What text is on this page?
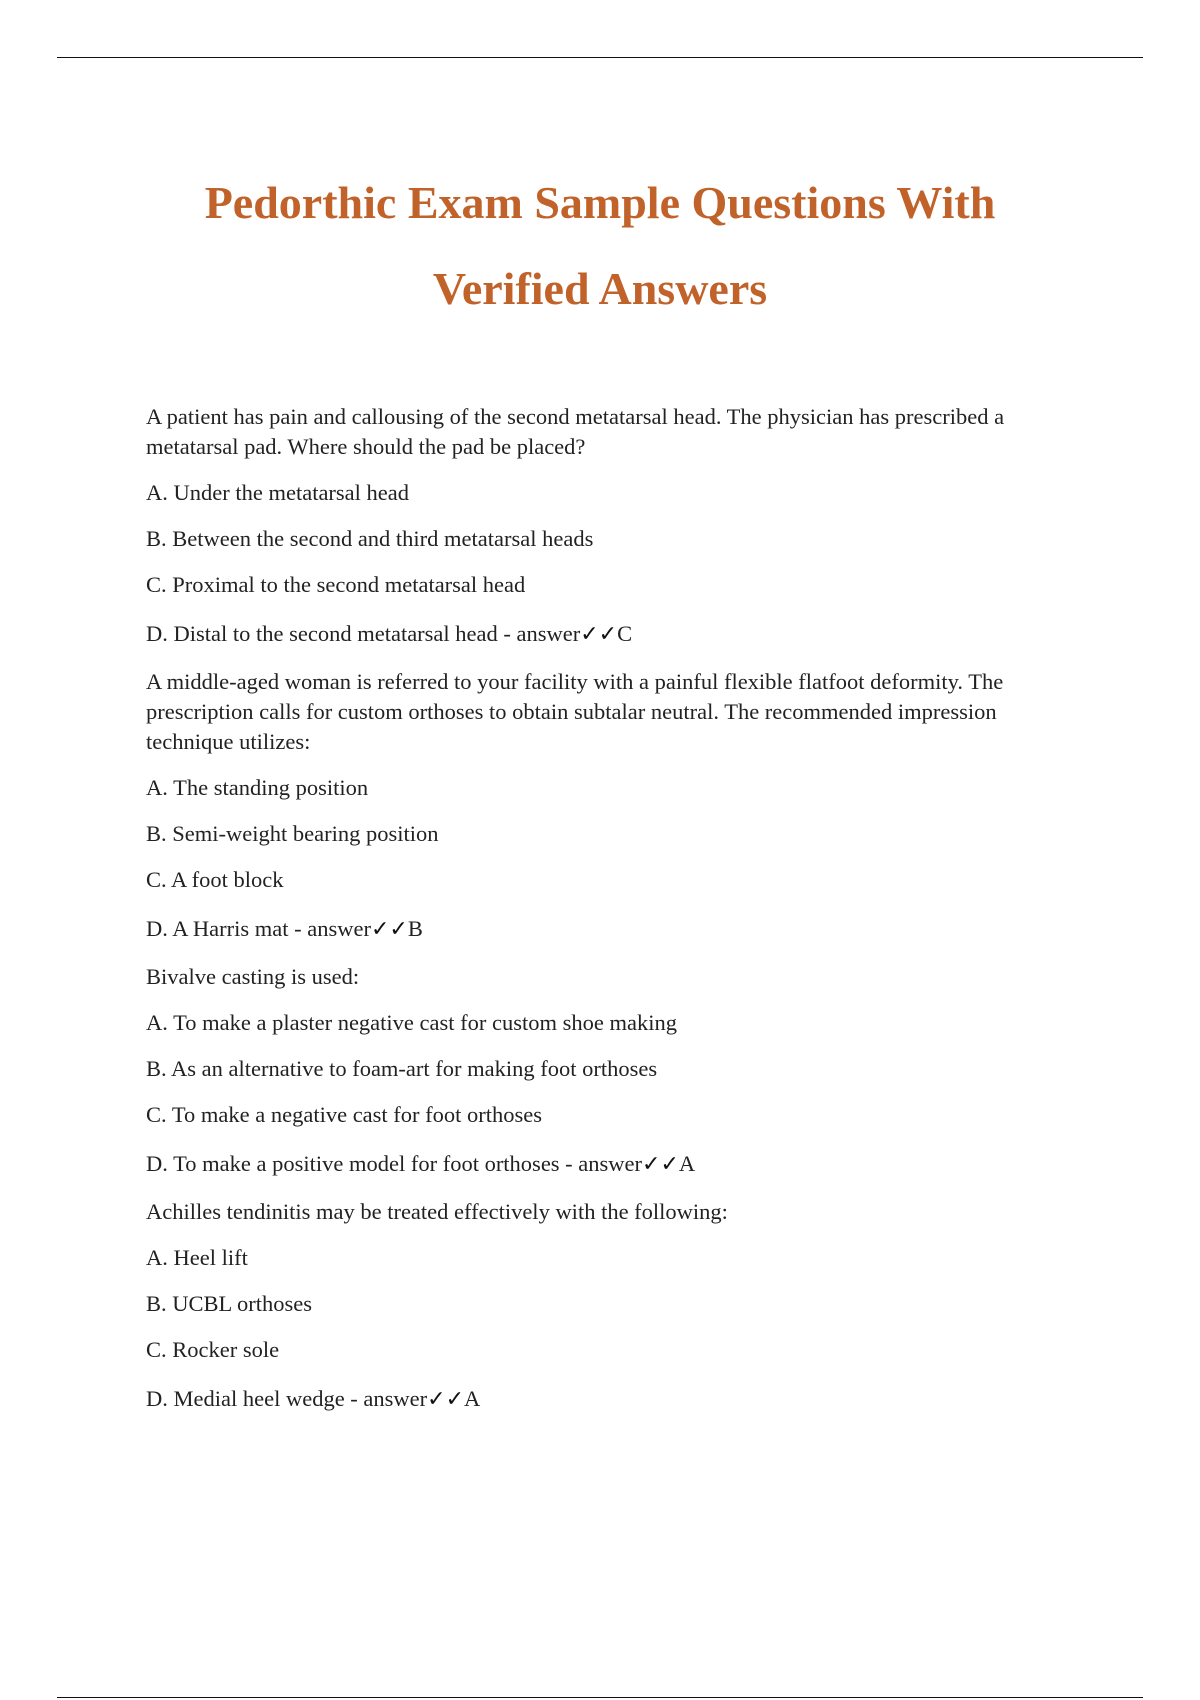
Pedorthic Exam Sample Questions With
Verified Answers

A patient has pain and callousing of the second metatarsal head. The physician has prescribed a metatarsal pad. Where should the pad be placed?

A. Under the metatarsal head

B. Between the second and third metatarsal heads

C. Proximal to the second metatarsal head

D. Distal to the second metatarsal head - answer✓✓C

A middle-aged woman is referred to your facility with a painful flexible flatfoot deformity. The prescription calls for custom orthoses to obtain subtalar neutral. The recommended impression technique utilizes:

A. The standing position

B. Semi-weight bearing position

C. A foot block

D. A Harris mat - answer✓✓B

Bivalve casting is used:

A. To make a plaster negative cast for custom shoe making

B. As an alternative to foam-art for making foot orthoses

C. To make a negative cast for foot orthoses

D. To make a positive model for foot orthoses - answer✓✓A

Achilles tendinitis may be treated effectively with the following:

A. Heel lift

B. UCBL orthoses

C. Rocker sole

D. Medial heel wedge - answer✓✓A
